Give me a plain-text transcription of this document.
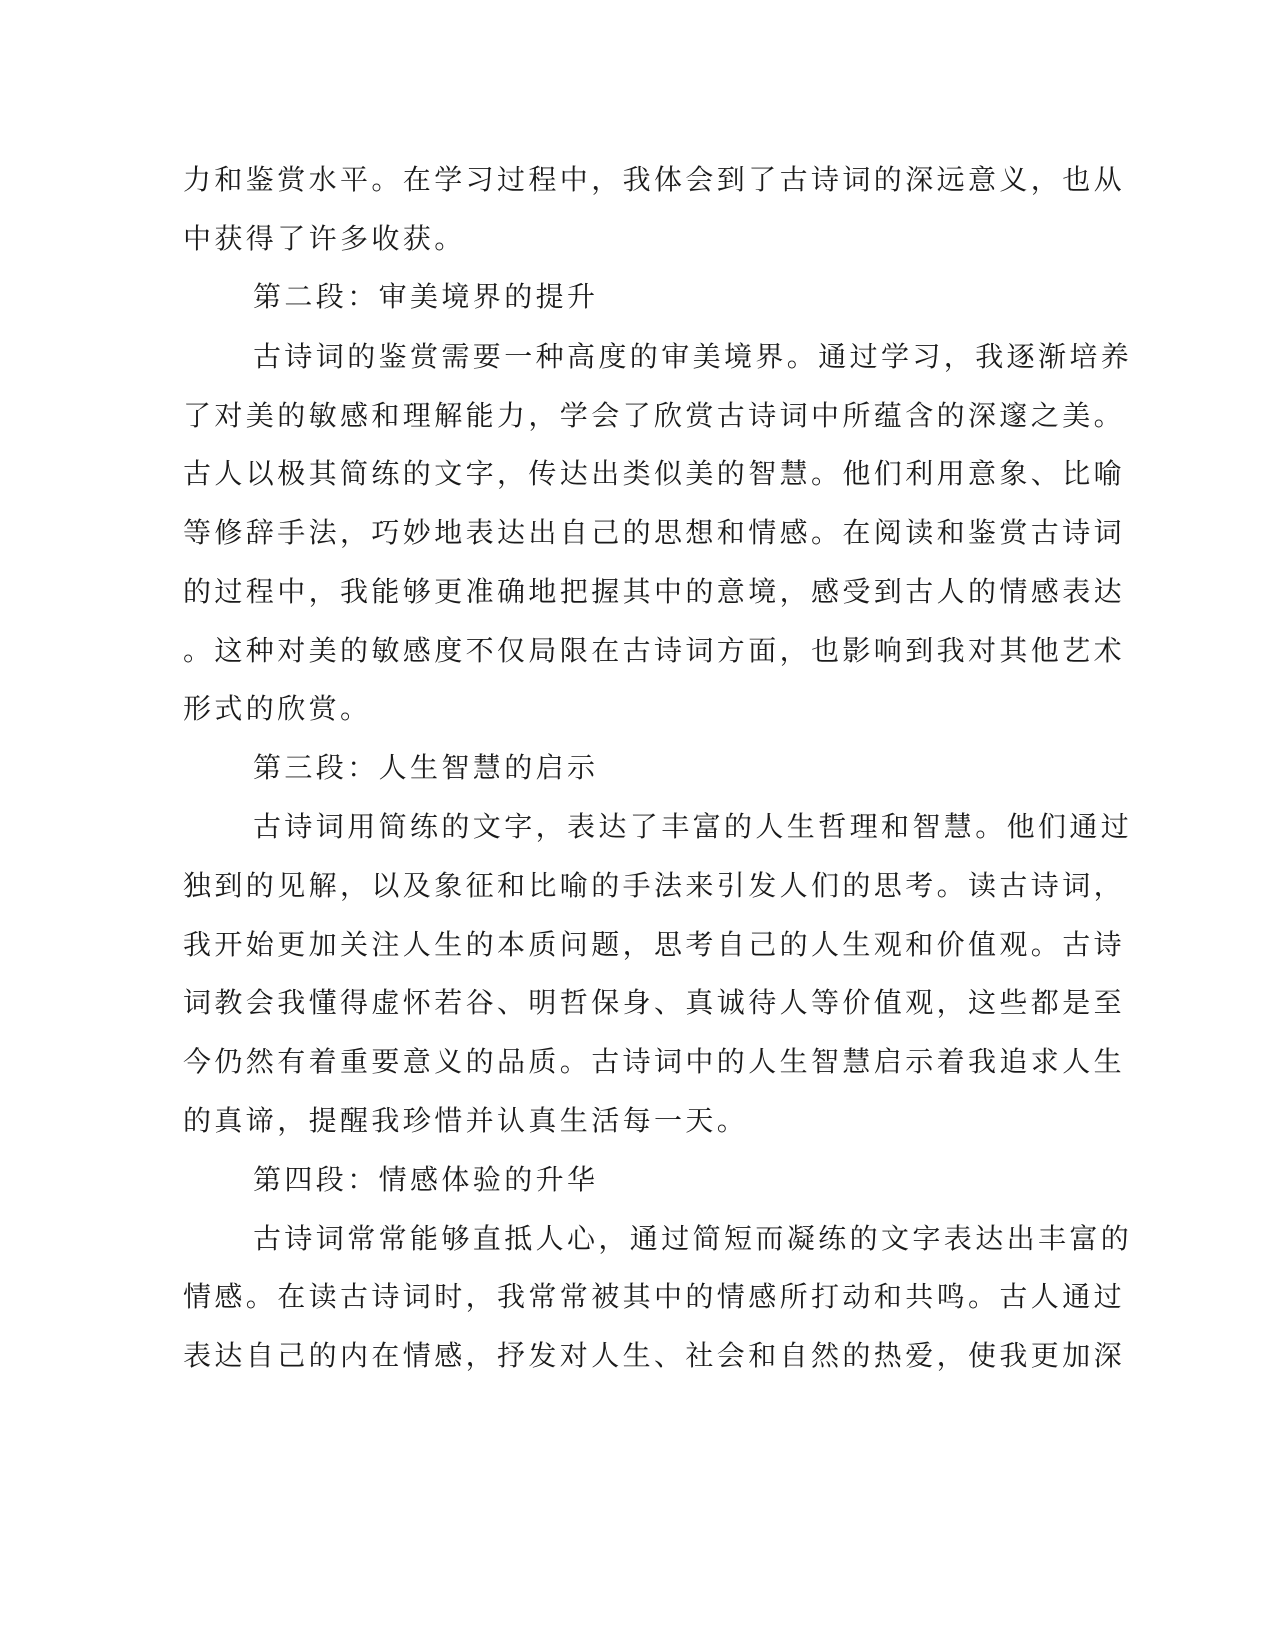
力和鉴赏水平。在学习过程中，我体会到了古诗词的深远意义，也从
中获得了许多收获。
第二段：审美境界的提升
古诗词的鉴赏需要一种高度的审美境界。通过学习，我逐渐培养
了对美的敏感和理解能力，学会了欣赏古诗词中所蕴含的深邃之美。
古人以极其简练的文字，传达出类似美的智慧。他们利用意象、比喻
等修辞手法，巧妙地表达出自己的思想和情感。在阅读和鉴赏古诗词
的过程中，我能够更准确地把握其中的意境，感受到古人的情感表达
。这种对美的敏感度不仅局限在古诗词方面，也影响到我对其他艺术
形式的欣赏。
第三段：人生智慧的启示
古诗词用简练的文字，表达了丰富的人生哲理和智慧。他们通过
独到的见解，以及象征和比喻的手法来引发人们的思考。读古诗词，
我开始更加关注人生的本质问题，思考自己的人生观和价值观。古诗
词教会我懂得虚怀若谷、明哲保身、真诚待人等价值观，这些都是至
今仍然有着重要意义的品质。古诗词中的人生智慧启示着我追求人生
的真谛，提醒我珍惜并认真生活每一天。
第四段：情感体验的升华
古诗词常常能够直抵人心，通过简短而凝练的文字表达出丰富的
情感。在读古诗词时，我常常被其中的情感所打动和共鸣。古人通过
表达自己的内在情感，抒发对人生、社会和自然的热爱，使我更加深
